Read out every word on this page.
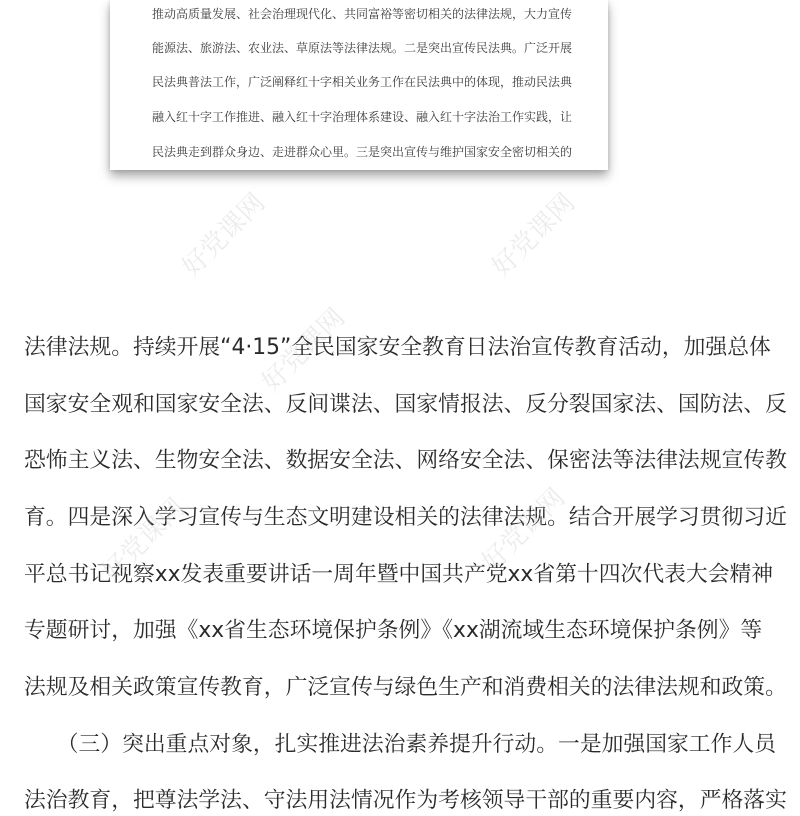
推动高质量发展、社会治理现代化、共同富裕等密切相关的法律法规，大力宣传
能源法、旅游法、农业法、草原法等法律法规。二是突出宣传民法典。广泛开展
民法典普法工作，广泛阐释红十字相关业务工作在民法典中的体现，推动民法典
融入红十字工作推进、融入红十字治理体系建设、融入红十字法治工作实践，让
民法典走到群众身边、走进群众心里。三是突出宣传与维护国家安全密切相关的
法律法规。持续开展“4·15”全民国家安全教育日法治宣传教育活动，加强总体
国家安全观和国家安全法、反间谍法、国家情报法、反分裂国家法、国防法、反
恐怖主义法、生物安全法、数据安全法、网络安全法、保密法等法律法规宣传教
育。四是深入学习宣传与生态文明建设相关的法律法规。结合开展学习贯彻习近
平总书记视察xx发表重要讲话一周年暨中国共产党xx省第十四次代表大会精神
专题研讨，加强《xx省生态环境保护条例》《xx湖流域生态环境保护条例》等
法规及相关政策宣传教育，广泛宣传与绿色生产和消费相关的法律法规和政策。
　　（三）突出重点对象，扎实推进法治素养提升行动。一是加强国家工作人员
法治教育，把尊法学法、守法用法情况作为考核领导干部的重要内容，严格落实
好党课网	好党课网
好党课网
好党课网	好党课网
